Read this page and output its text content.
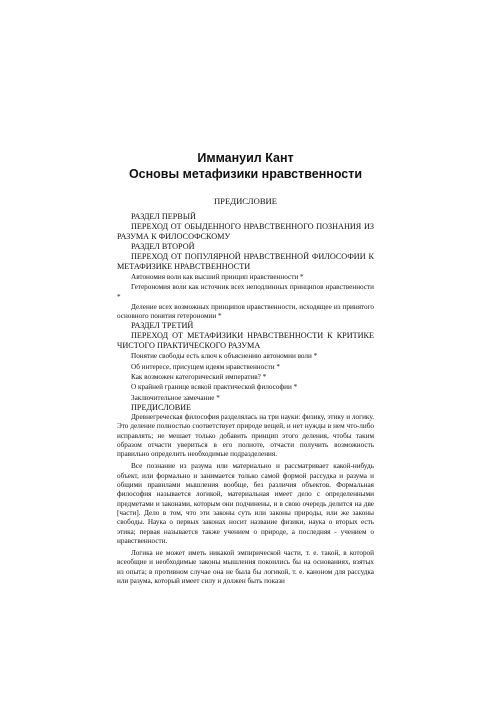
Иммануил Кант
Основы метафизики нравственности
ПРЕДИСЛОВИЕ

РАЗДЕЛ ПЕРВЫЙ

ПЕРЕХОД ОТ ОБЫДЕННОГО НРАВСТВЕННОГО ПОЗНАНИЯ ИЗ РАЗУМА К ФИЛОСОФСКОМУ

РАЗДЕЛ ВТОРОЙ

ПЕРЕХОД ОТ ПОПУЛЯРНОЙ НРАВСТВЕННОЙ ФИЛОСОФИИ К МЕТАФИЗИКЕ НРАВСТВЕННОСТИ

Автономия воли как высший принцип нравственности *

Гетерономия воли как источник всех неподлинных принципов нравственности *

Деление всех возможных принципов нравственности, исходящее из принятого основного понятия гетерономии *

РАЗДЕЛ ТРЕТИЙ

ПЕРЕХОД ОТ МЕТАФИЗИКИ НРАВСТВЕННОСТИ К КРИТИКЕ ЧИСТОГО ПРАКТИЧЕСКОГО РАЗУМА

Понятие свободы есть ключ к объяснению автономии воли *

Об интересе, присущем идеям нравственности *

Как возможен категорический императив? *

О крайней границе всякой практической философии *

Заключительное замечание *

ПРЕДИСЛОВИЕ

Древнегреческая философия разделялась на три науки: физику, этику и логику. Это деление полностью соответствует природе вещей, и нет нужды в нем что-либо исправлять; не мешает только добавить принцип этого деления, чтобы таким образом отчасти увериться в его полноте, отчасти получить возможность правильно определить необходимые подразделения.

Все познание из разума или материально и рассматривает какой-нибудь объект, или формально и занимается только самой формой рассудка и разума и общими правилами мышления вообще, без различия объектов. Формальная философия называется логикой, материальная имеет дело с определенными предметами и законами, которым они подчинены, и в свою очередь делится на две [части]. Дело в том, что эти законы суть или законы природы, или же законы свободы. Наука о первых законах носит название физики, наука о вторых есть этика; первая называется также учением о природе, а последняя - учением о нравственности.

Логика не может иметь никакой эмпирической части, т. е. такой, в которой всеобщие и необходимые законы мышления покоились бы на основаниях, взятых из опыта; в противном случае она не была бы логикой, т. е. каноном для рассудка или разума, который имеет силу и должен быть покази
